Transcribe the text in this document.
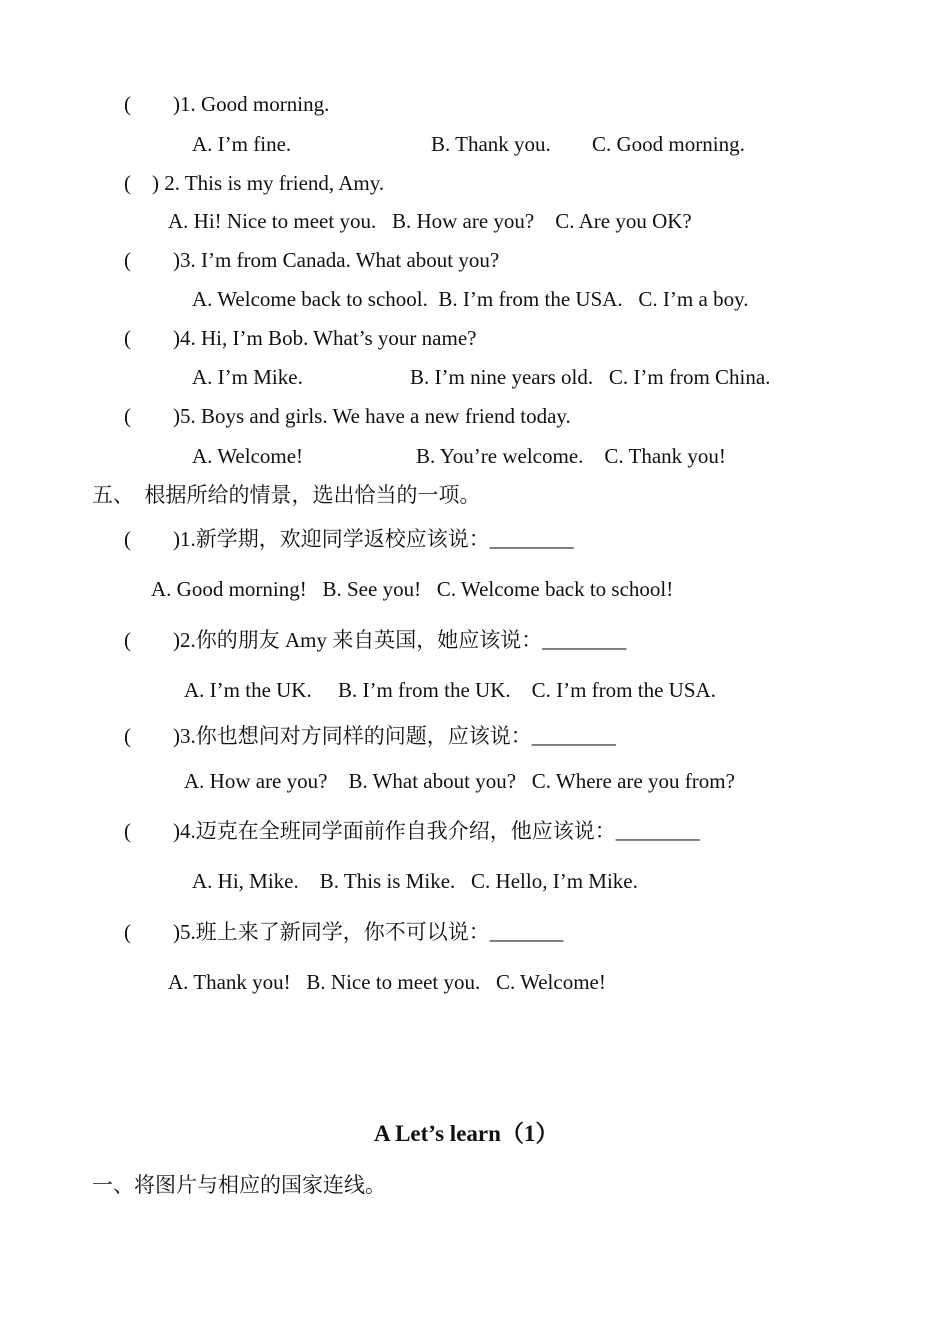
(        )1. Good morning.
A. I’m fine.	B. Thank you. C. Good morning.
(    ) 2. This is my friend, Amy.
A. Hi! Nice to meet you.   B. How are you?    C. Are you OK?
(        )3. I’m from Canada. What about you?
A. Welcome back to school.  B. I’m from the USA.   C. I’m a boy.
(        )4. Hi, I’m Bob. What’s your name?
A. I’m Mike.	B. I’m nine years old.   C. I’m from China.
(        )5. Boys and girls. We have a new friend today.
A. Welcome!	B. You’re welcome.    C. Thank you!
五、  根据所给的情景，选出恰当的一项。
(        )1.新学期，欢迎同学返校应该说：________
A. Good morning!   B. See you!   C. Welcome back to school!
(        )2.你的朋友 Amy 来自英国，她应该说：________
A. I’m the UK.     B. I’m from the UK.    C. I’m from the USA.
(        )3.你也想问对方同样的问题，应该说：________
A. How are you?    B. What about you?   C. Where are you from?
(        )4.迈克在全班同学面前作自我介绍，他应该说：________
A. Hi, Mike.    B. This is Mike.   C. Hello, I’m Mike.
(        )5.班上来了新同学，你不可以说：_______
A. Thank you!   B. Nice to meet you.   C. Welcome!
A Let’s learn（1）
一、将图片与相应的国家连线。
